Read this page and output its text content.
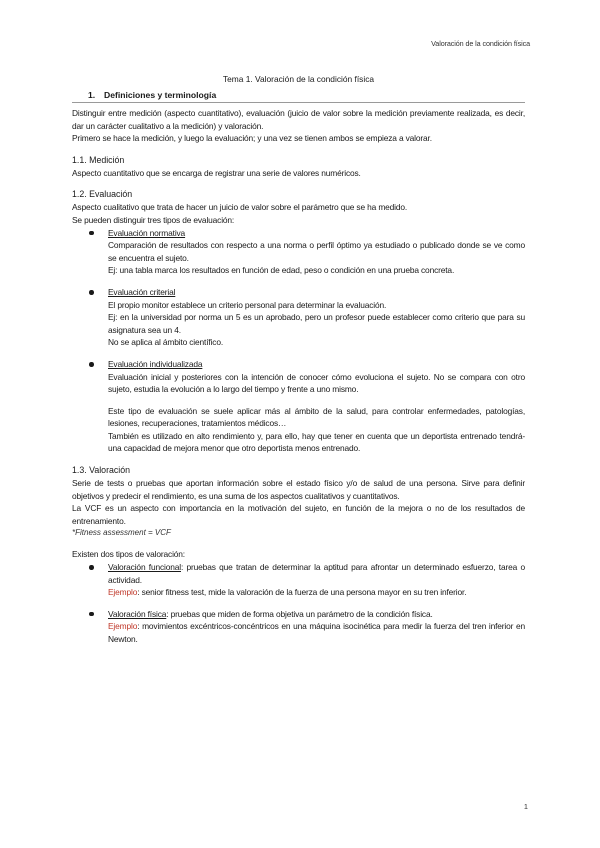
Valoración de la condición física

Tema 1. Valoración de la condición física

1.	Definiciones y terminología

Distinguir entre medición (aspecto cuantitativo), evaluación (juicio de valor sobre la medición previamente realizada, es decir, dar un carácter cualitativo a la medición) y valoración.

Primero se hace la medición, y luego la evaluación; y una vez se tienen ambos se empieza a valorar.

1.1. Medición

Aspecto cuantitativo que se encarga de registrar una serie de valores numéricos.

1.2. Evaluación

Aspecto cualitativo que trata de hacer un juicio de valor sobre el parámetro que se ha medido.

Se pueden distinguir tres tipos de evaluación:

Evaluación normativa

Comparación de resultados con respecto a una norma o perfil óptimo ya estudiado o publicado donde se ve como se encuentra el sujeto.

Ej: una tabla marca los resultados en función de edad, peso o condición en una prueba concreta.

Evaluación criterial

El propio monitor establece un criterio personal para determinar la evaluación.

Ej: en la universidad por norma un 5 es un aprobado, pero un profesor puede establecer como criterio que para su asignatura sea un 4.

No se aplica al ámbito científico.

Evaluación individualizada

Evaluación inicial y posteriores con la intención de conocer cómo evoluciona el sujeto. No se compara con otro sujeto, estudia la evolución a lo largo del tiempo y frente a uno mismo.

Este tipo de evaluación se suele aplicar más al ámbito de la salud, para controlar enfermedades, patologías, lesiones, recuperaciones, tratamientos médicos…

También es utilizado en alto rendimiento y, para ello, hay que tener en cuenta que un deportista entrenado tendrá- una capacidad de mejora menor que otro deportista menos entrenado.

1.3. Valoración

Serie de tests o pruebas que aportan información sobre el estado físico y/o de salud de una persona. Sirve para definir objetivos y predecir el rendimiento, es una suma de los aspectos cualitativos y cuantitativos.

La VCF es un aspecto con importancia en la motivación del sujeto, en función de la mejora o no de los resultados de entrenamiento.

*Fitness assessment = VCF

Existen dos tipos de valoración:

Valoración funcional: pruebas que tratan de determinar la aptitud para afrontar un determinado esfuerzo, tarea o actividad.

Ejemplo: senior fitness test, mide la valoración de la fuerza de una persona mayor en su tren inferior.

Valoración física: pruebas que miden de forma objetiva un parámetro de la condición física.

Ejemplo: movimientos excéntricos-concéntricos en una máquina isocinética para medir la fuerza del tren inferior en Newton.

1
